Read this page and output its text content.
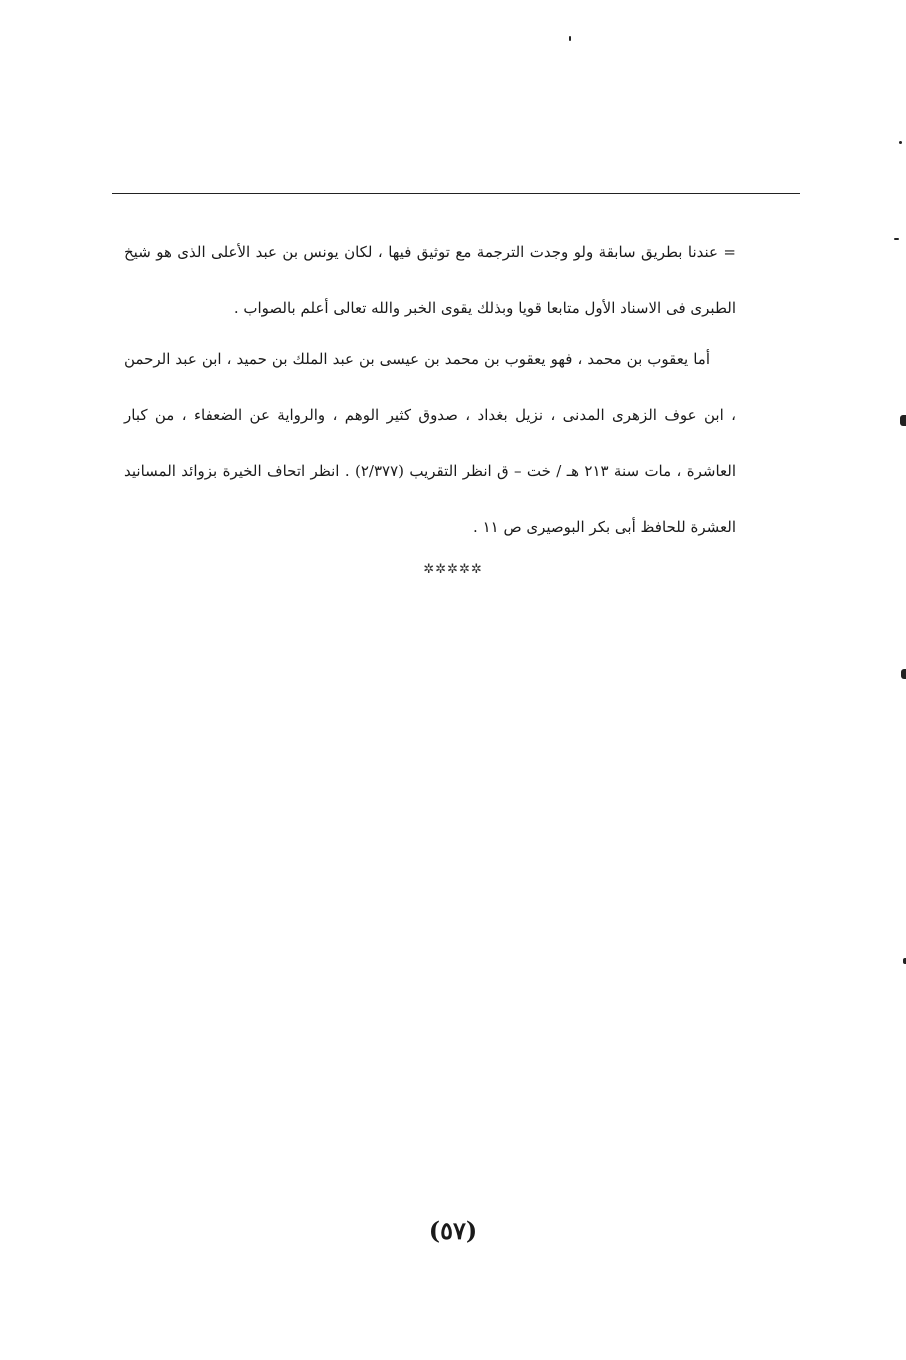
= عندنا بطريق سابقة ولو وجدت الترجمة مع توثيق فيها ، لكان يونس بن عبد الأعلى الذى هو شيخ الطبرى فى الاسناد الأول متابعا قويا وبذلك يقوى الخبر والله تعالى أعلم بالصواب .

أما يعقوب بن محمد ، فهو يعقوب بن محمد بن عيسى بن عبد الملك بن حميد ، ابن عبد الرحمن ، ابن عوف الزهرى المدنى ، نزيل بغداد ، صدوق كثير الوهم ، والرواية عن الضعفاء ، من كبار العاشرة ، مات سنة ٢١٣ هـ / خت – ق انظر التقريب (٢/٣٧٧) . انظر اتحاف الخيرة بزوائد المسانيد العشرة للحافظ أبى بكر البوصيرى ص ١١ .

✲✲✲✲✲
(٥٧)
